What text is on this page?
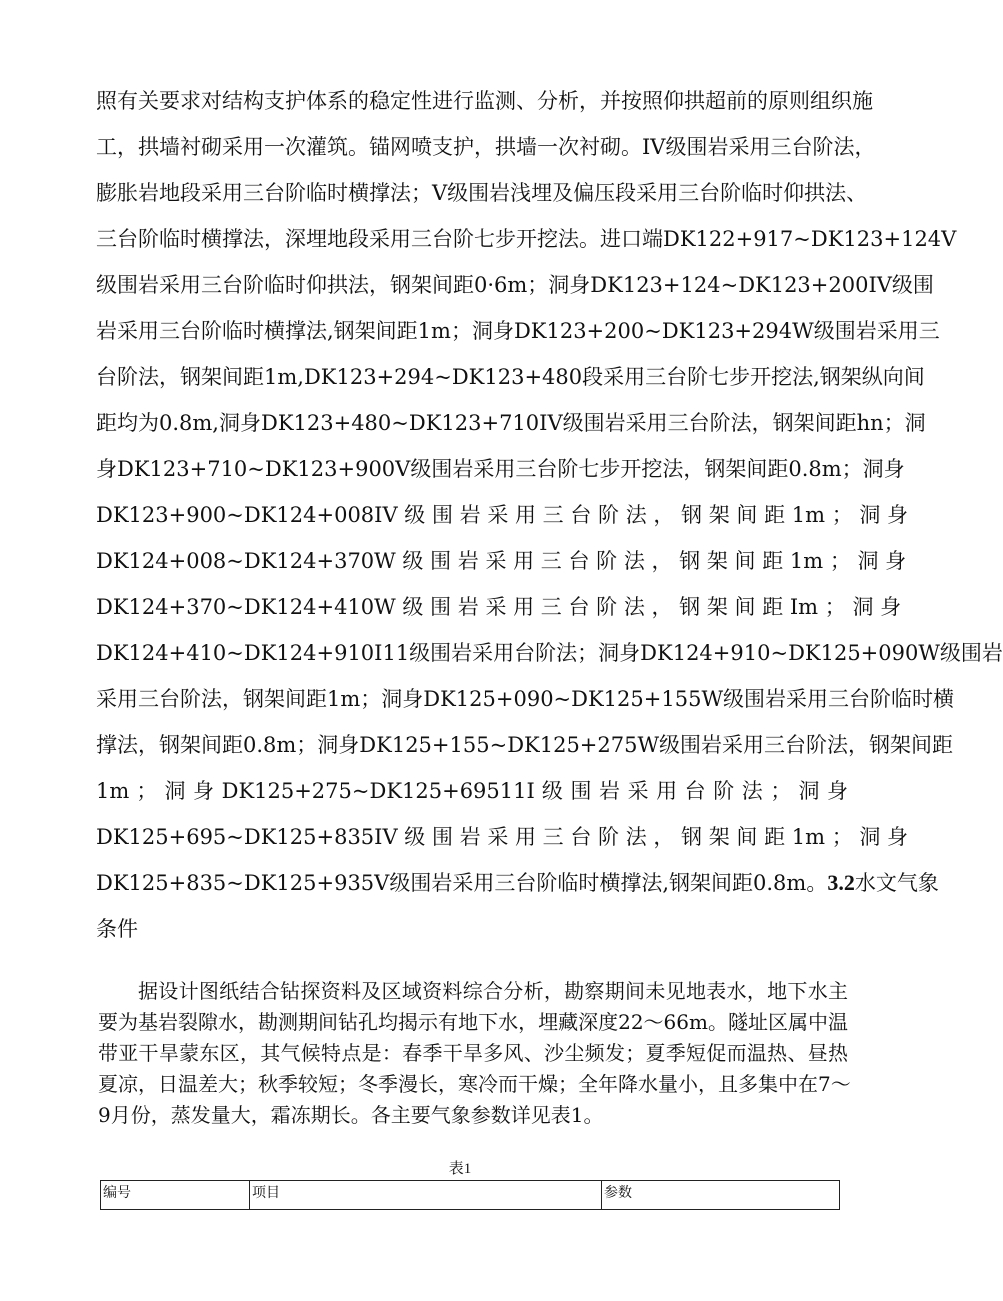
照有关要求对结构支护体系的稳定性进行监测、分析，并按照仰拱超前的原则组织施
工，拱墙衬砌采用一次灌筑。锚网喷支护，拱墙一次衬砌。IV级围岩采用三台阶法，
膨胀岩地段采用三台阶临时横撑法；V级围岩浅埋及偏压段采用三台阶临时仰拱法、
三台阶临时横撑法，深埋地段采用三台阶七步开挖法。进口端DK122+917~DK123+124V
级围岩采用三台阶临时仰拱法，钢架间距0·6m；洞身DK123+124~DK123+200IV级围
岩采用三台阶临时横撑法,钢架间距1m；洞身DK123+200~DK123+294W级围岩采用三
台阶法，钢架间距1m,DK123+294~DK123+480段采用三台阶七步开挖法,钢架纵向间
距均为0.8m,洞身DK123+480~DK123+710IV级围岩采用三台阶法，钢架间距hn；洞
身DK123+710~DK123+900V级围岩采用三台阶七步开挖法，钢架间距0.8m；洞身
DK123+900~DK124+008IV 级 围 岩 采 用 三 台 阶 法 ， 钢 架 间 距 1m ； 洞 身
DK124+008~DK124+370W 级 围 岩 采 用 三 台 阶 法 ， 钢 架 间 距 1m ； 洞 身
DK124+370~DK124+410W 级 围 岩 采 用 三 台 阶 法 ， 钢 架 间 距 Im ； 洞 身
DK124+410~DK124+910I11级围岩采用台阶法；洞身DK124+910~DK125+090W级围岩
采用三台阶法，钢架间距1m；洞身DK125+090~DK125+155W级围岩采用三台阶临时横
撑法，钢架间距0.8m；洞身DK125+155~DK125+275W级围岩采用三台阶法，钢架间距
1m ； 洞 身 DK125+275~DK125+69511I 级 围 岩 采 用 台 阶 法 ； 洞 身
DK125+695~DK125+835IV 级 围 岩 采 用 三 台 阶 法 ， 钢 架 间 距 1m ； 洞 身
DK125+835~DK125+935V级围岩采用三台阶临时横撑法,钢架间距0.8m。3.2水文气象
条件
据设计图纸结合钻探资料及区域资料综合分析，勘察期间未见地表水，地下水主
要为基岩裂隙水，勘测期间钻孔均揭示有地下水，埋藏深度22～66m。隧址区属中温
带亚干旱蒙东区，其气候特点是：春季干旱多风、沙尘频发；夏季短促而温热、昼热
夏凉，日温差大；秋季较短；冬季漫长，寒冷而干燥；全年降水量小，且多集中在7～
9月份，蒸发量大，霜冻期长。各主要气象参数详见表1。
表1
编号	项目	参数
